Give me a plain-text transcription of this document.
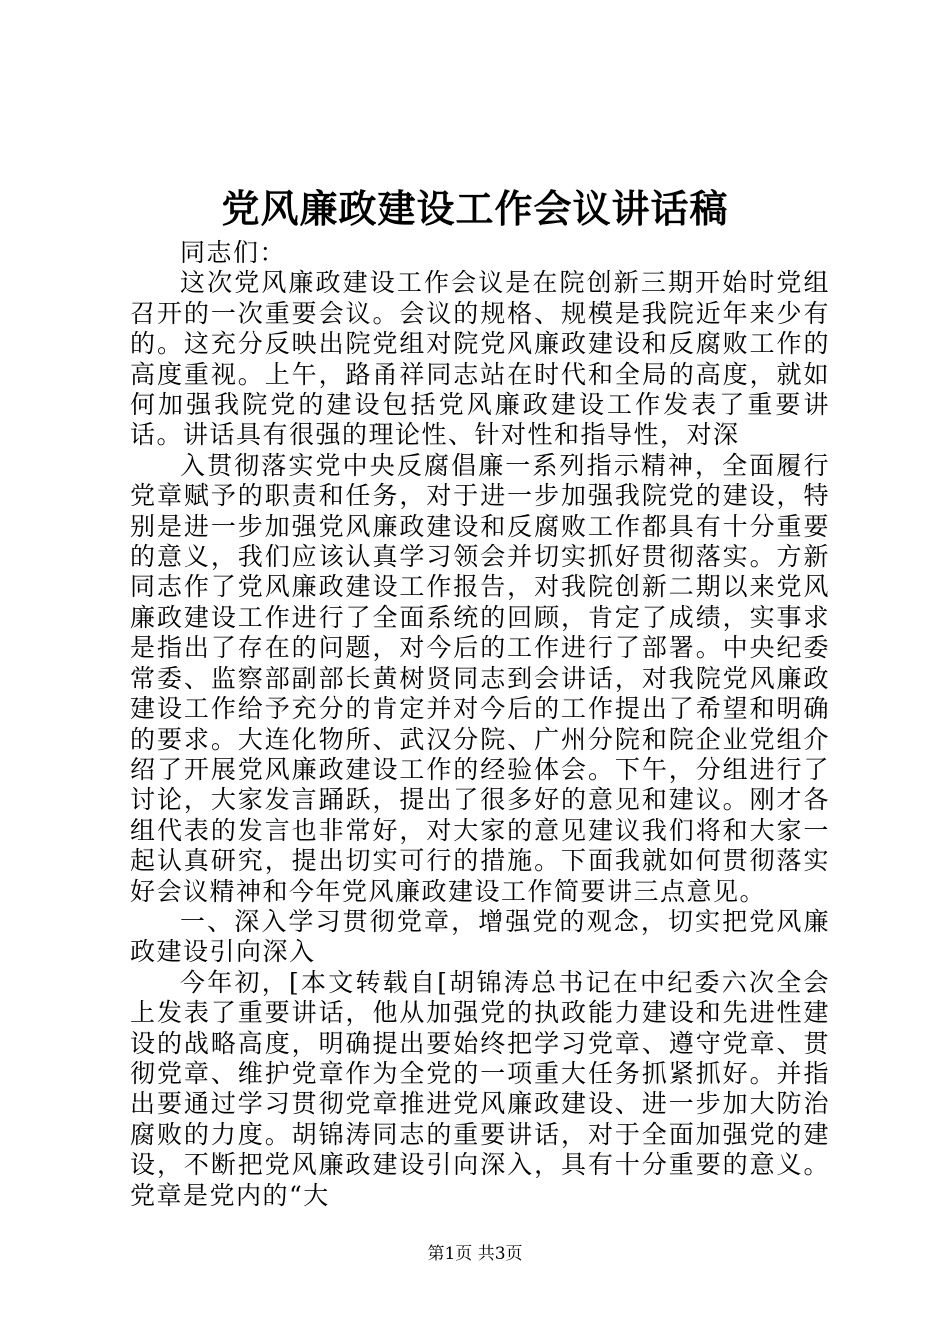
党风廉政建设工作会议讲话稿

同志们：

这次党风廉政建设工作会议是在院创新三期开始时党组召开的一次重要会议。会议的规格、规模是我院近年来少有的。这充分反映出院党组对院党风廉政建设和反腐败工作的高度重视。上午，路甬祥同志站在时代和全局的高度，就如何加强我院党的建设包括党风廉政建设工作发表了重要讲话。讲话具有很强的理论性、针对性和指导性，对深

入贯彻落实党中央反腐倡廉一系列指示精神，全面履行党章赋予的职责和任务，对于进一步加强我院党的建设，特别是进一步加强党风廉政建设和反腐败工作都具有十分重要的意义，我们应该认真学习领会并切实抓好贯彻落实。方新同志作了党风廉政建设工作报告，对我院创新二期以来党风廉政建设工作进行了全面系统的回顾，肯定了成绩，实事求是指出了存在的问题，对今后的工作进行了部署。中央纪委常委、监察部副部长黄树贤同志到会讲话，对我院党风廉政建设工作给予充分的肯定并对今后的工作提出了希望和明确的要求。大连化物所、武汉分院、广州分院和院企业党组介绍了开展党风廉政建设工作的经验体会。下午，分组进行了讨论，大家发言踊跃，提出了很多好的意见和建议。刚才各组代表的发言也非常好，对大家的意见建议我们将和大家一起认真研究，提出切实可行的措施。下面我就如何贯彻落实好会议精神和今年党风廉政建设工作简要讲三点意见。

一、深入学习贯彻党章，增强党的观念，切实把党风廉政建设引向深入

今年初，[本文转载自[胡锦涛总书记在中纪委六次全会上发表了重要讲话，他从加强党的执政能力建设和先进性建设的战略高度，明确提出要始终把学习党章、遵守党章、贯彻党章、维护党章作为全党的一项重大任务抓紧抓好。并指出要通过学习贯彻党章推进党风廉政建设、进一步加大防治腐败的力度。胡锦涛同志的重要讲话，对于全面加强党的建设，不断把党风廉政建设引向深入，具有十分重要的意义。党章是党内的“大

第1页 共3页
